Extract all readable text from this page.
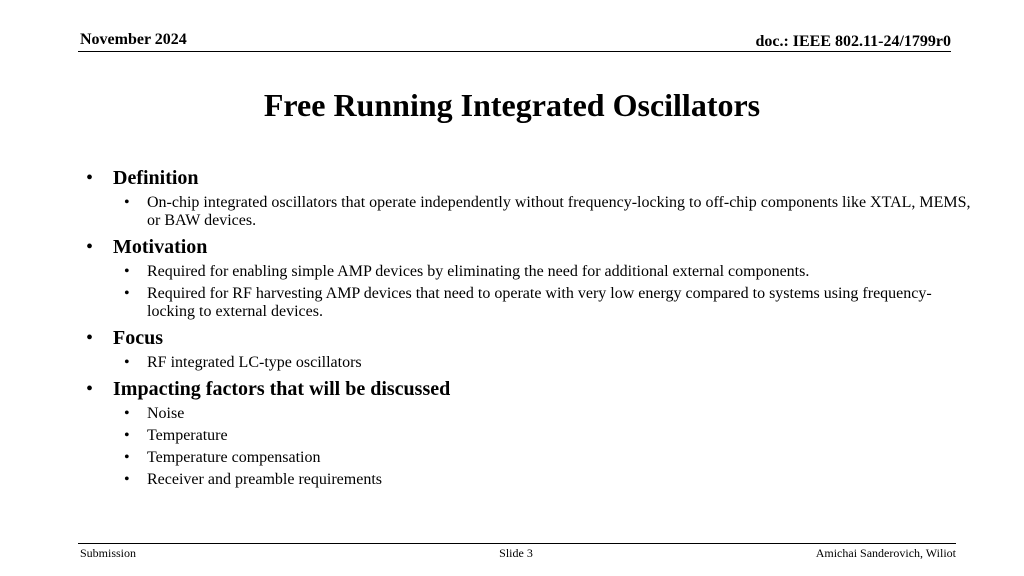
November 2024	doc.: IEEE 802.11-24/1799r0
Free Running Integrated Oscillators
• Definition
• On-chip integrated oscillators that operate independently without frequency-locking to off-chip components like XTAL, MEMS, or BAW devices.
• Motivation
• Required for enabling simple AMP devices by eliminating the need for additional external components.
• Required for RF harvesting AMP devices that need to operate with very low energy compared to systems using frequency-locking to external devices.
• Focus
• RF integrated LC-type oscillators
• Impacting factors that will be discussed
• Noise
• Temperature
• Temperature compensation
• Receiver and preamble requirements
Submission	Slide 3	Amichai Sanderovich, Wiliot
